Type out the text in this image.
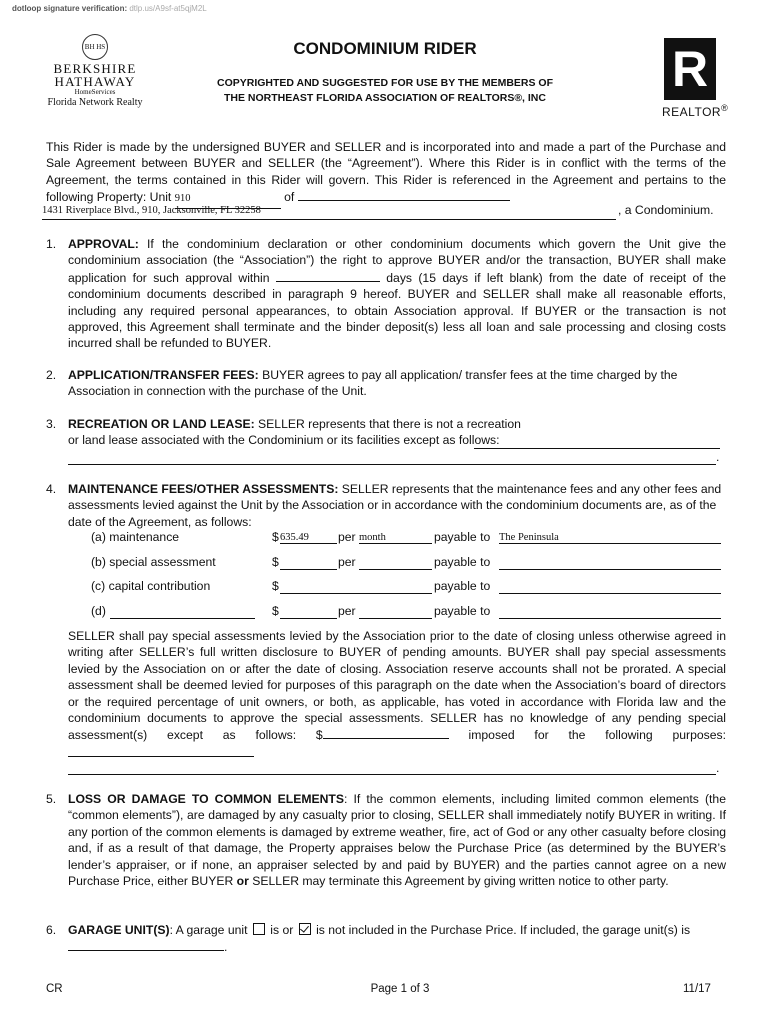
dotloop signature verification: dtlp.us/A9sf-at5qjM2L
BH HS
BERKSHIRE
HATHAWAY
HomeServices
Florida Network Realty
CONDOMINIUM RIDER
COPYRIGHTED AND SUGGESTED FOR USE BY THE MEMBERS OF
THE NORTHEAST FLORIDA ASSOCIATION OF REALTORS®, INC
R
REALTOR®
This Rider is made by the undersigned BUYER and SELLER and is incorporated into and made a part of the Purchase and Sale Agreement between BUYER and SELLER (the “Agreement”). Where this Rider is in conflict with the terms of the Agreement, the terms contained in this Rider will govern. This Rider is referenced in the Agreement and pertains to the following Property: Unit 910	of
1431 Riverplace Blvd., 910, Jacksonville, FL 32258	, a Condominium.
1. APPROVAL: If the condominium declaration or other condominium documents which govern the Unit give the condominium association (the “Association”) the right to approve BUYER and/or the transaction, BUYER shall make application for such approval within	days (15 days if left blank) from the date of receipt of the condominium documents described in paragraph 9 hereof. BUYER and SELLER shall make all reasonable efforts, including any required personal appearances, to obtain Association approval. If BUYER or the transaction is not approved, this Agreement shall terminate and the binder deposit(s) less all loan and sale processing and closing costs incurred shall be refunded to BUYER.
2. APPLICATION/TRANSFER FEES: BUYER agrees to pay all application/ transfer fees at the time charged by the Association in connection with the purchase of the Unit.
3. RECREATION OR LAND LEASE: SELLER represents that there is not a recreation or land lease associated with the Condominium or its facilities except as follows:
.
4. MAINTENANCE FEES/OTHER ASSESSMENTS: SELLER represents that the maintenance fees and any other fees and assessments levied against the Unit by the Association or in accordance with the condominium documents are, as of the date of the Agreement, as follows:
(a) maintenance	$ 635.49	per month	payable to The Peninsula
(b) special assessment	$	per	payable to
(c) capital contribution	$	payable to
(d)	$	per	payable to
SELLER shall pay special assessments levied by the Association prior to the date of closing unless otherwise agreed in writing after SELLER’s full written disclosure to BUYER of pending amounts. BUYER shall pay special assessments levied by the Association on or after the date of closing. Association reserve accounts shall not be prorated. A special assessment shall be deemed levied for purposes of this paragraph on the date when the Association’s board of directors or the required percentage of unit owners, or both, as applicable, has voted in accordance with Florida law and the condominium documents to approve the special assessments. SELLER has no knowledge of any pending special assessment(s) except as follows: $	imposed for the following purposes:
.
5. LOSS OR DAMAGE TO COMMON ELEMENTS: If the common elements, including limited common elements (the “common elements”), are damaged by any casualty prior to closing, SELLER shall immediately notify BUYER in writing. If any portion of the common elements is damaged by extreme weather, fire, act of God or any other casualty before closing and, if as a result of that damage, the Property appraises below the Purchase Price (as determined by the BUYER’s lender’s appraiser, or if none, an appraiser selected by and paid by BUYER) and the parties cannot agree on a new Purchase Price, either BUYER or SELLER may terminate this Agreement by giving written notice to other party.
6. GARAGE UNIT(S): A garage unit is or is not included in the Purchase Price. If included, the garage unit(s) is .
CR	Page 1 of 3	11/17
